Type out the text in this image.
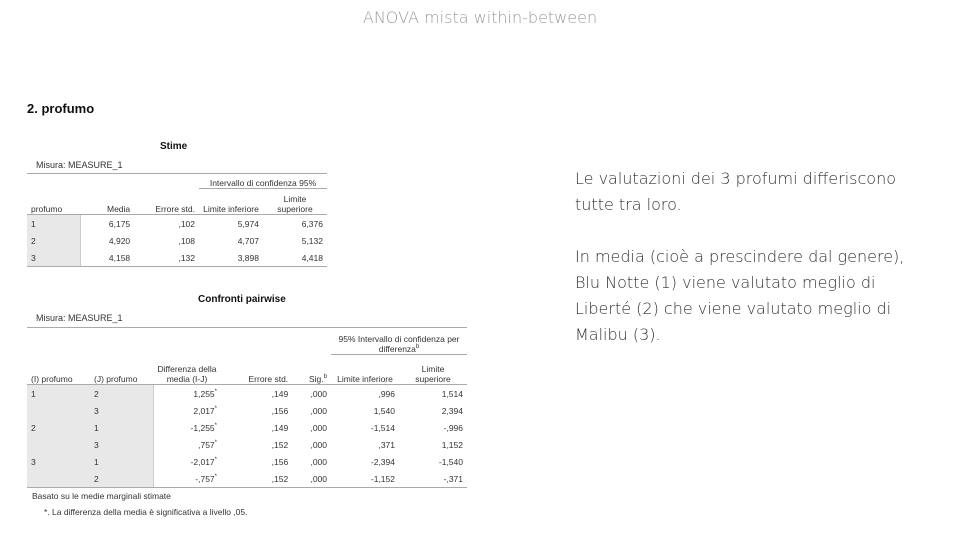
ANOVA mista within-between
2. profumo
Stime
Misura: MEASURE_1
				Intervallo di confidenza 95%	
profumo		Media	Errore std.	Limite inferiore	Limite superiore
1		6,175	,102	5,974	6,376
2		4,920	,108	4,707	5,132
3		4,158	,132	3,898	4,418
Confronti pairwise
Misura: MEASURE_1
					95% Intervallo di confidenza per differenza$^b$
(I) profumo	(J) profumo	Differenza della media (I-J)	Errore std.	Sig.$^b$	Limite inferiore	Limite superiore
1	2	1,255*	,149	,000	,996	1,514
	3	2,017*	,156	,000	1,540	2,394
2	1	-1,255*	,149	,000	-1,514	-,996
	3	,757*	,152	,000	,371	1,152
3	1	-2,017*	,156	,000	-2,394	-1,540
	2	-,757*	,152	,000	-1,152	-,371
Basato su le medie marginali stimate
*. La differenza della media è significativa a livello ,05.
Le valutazioni dei 3 profumi differiscono tutte tra loro.
In media (cioè a prescindere dal genere), Blu Notte (1) viene valutato meglio di Liberté (2) che viene valutato meglio di Malibu (3).
